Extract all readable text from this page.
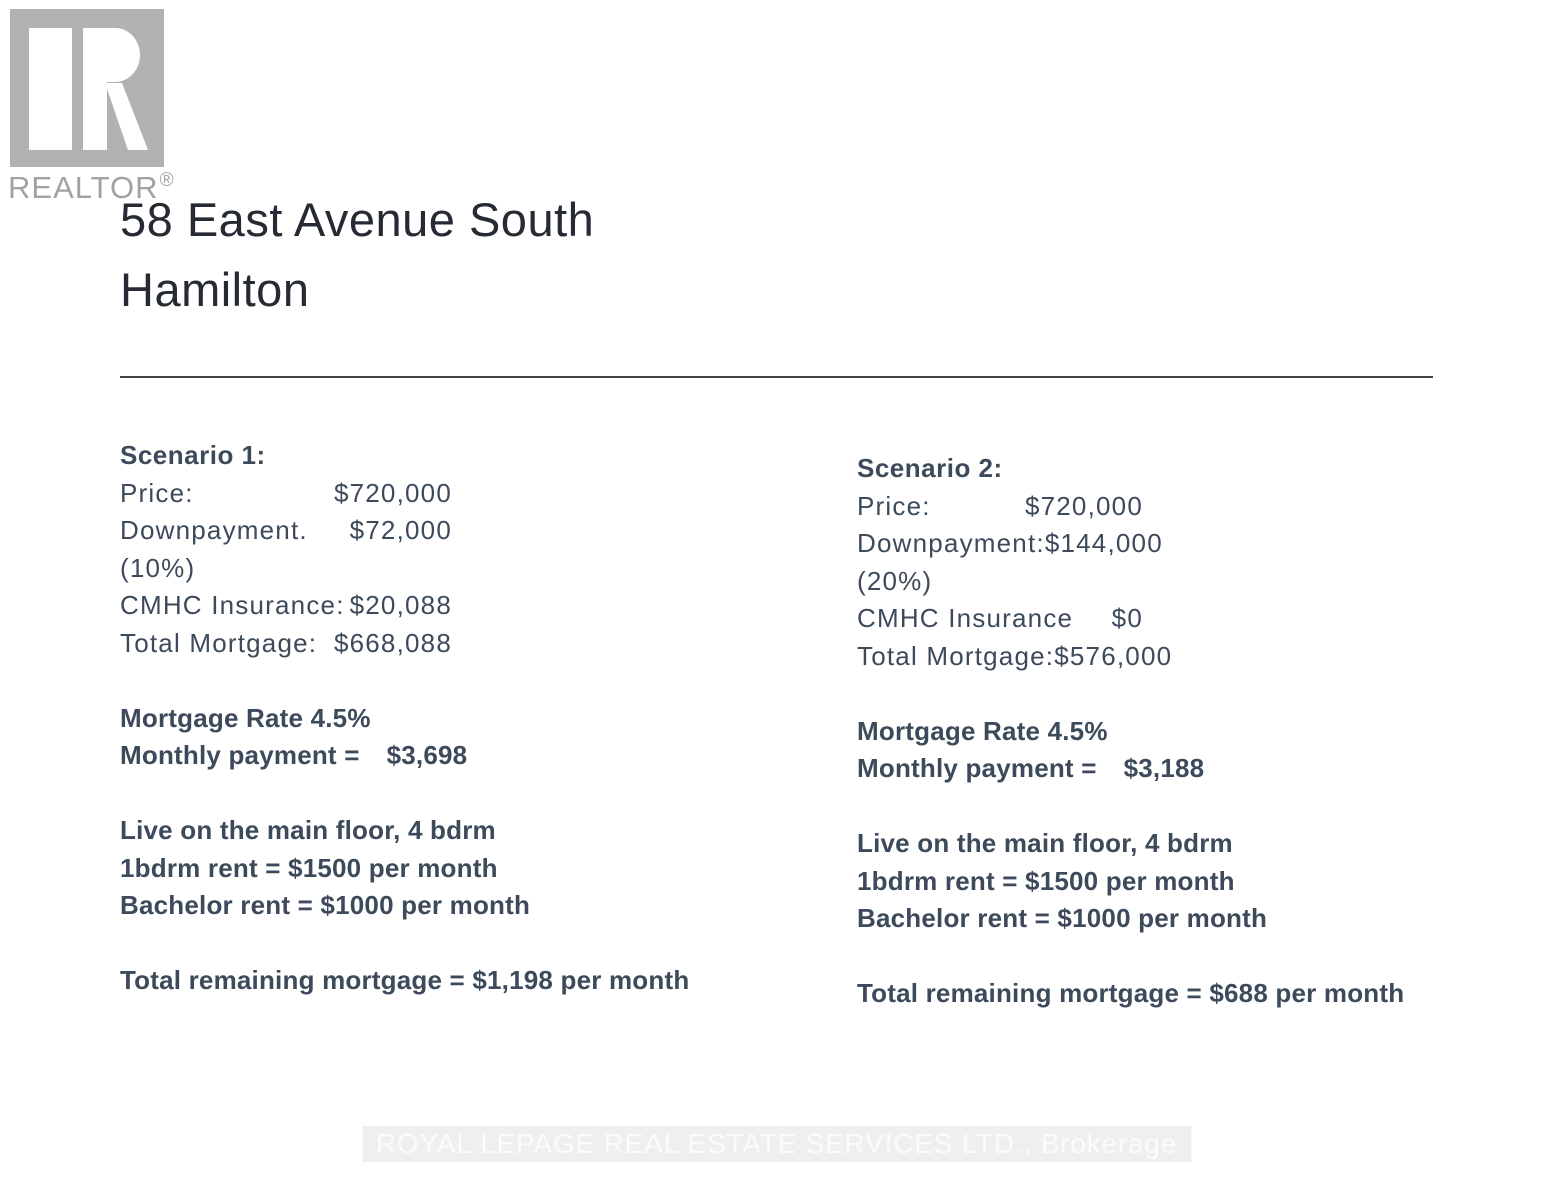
REALTOR®
58 East Avenue South
Hamilton
Scenario 1:
Price:	$720,000
Downpayment. $72,000
(10%)
CMHC Insurance: $20,088
Total Mortgage: $668,088
Mortgage Rate 4.5%
Monthly payment = $3,698
Live on the main floor, 4 bdrm
1bdrm rent = $1500 per month
Bachelor rent = $1000 per month
Total remaining mortgage = $1,198 per month
Scenario 2:
Price:	$720,000
Downpayment: $144,000
(20%)
CMHC Insurance $0
Total Mortgage: $576,000
Mortgage Rate 4.5%
Monthly payment = $3,188
Live on the main floor, 4 bdrm
1bdrm rent = $1500 per month
Bachelor rent = $1000 per month
Total remaining mortgage = $688 per month
ROYAL LEPAGE REAL ESTATE SERVICES LTD., Brokerage
